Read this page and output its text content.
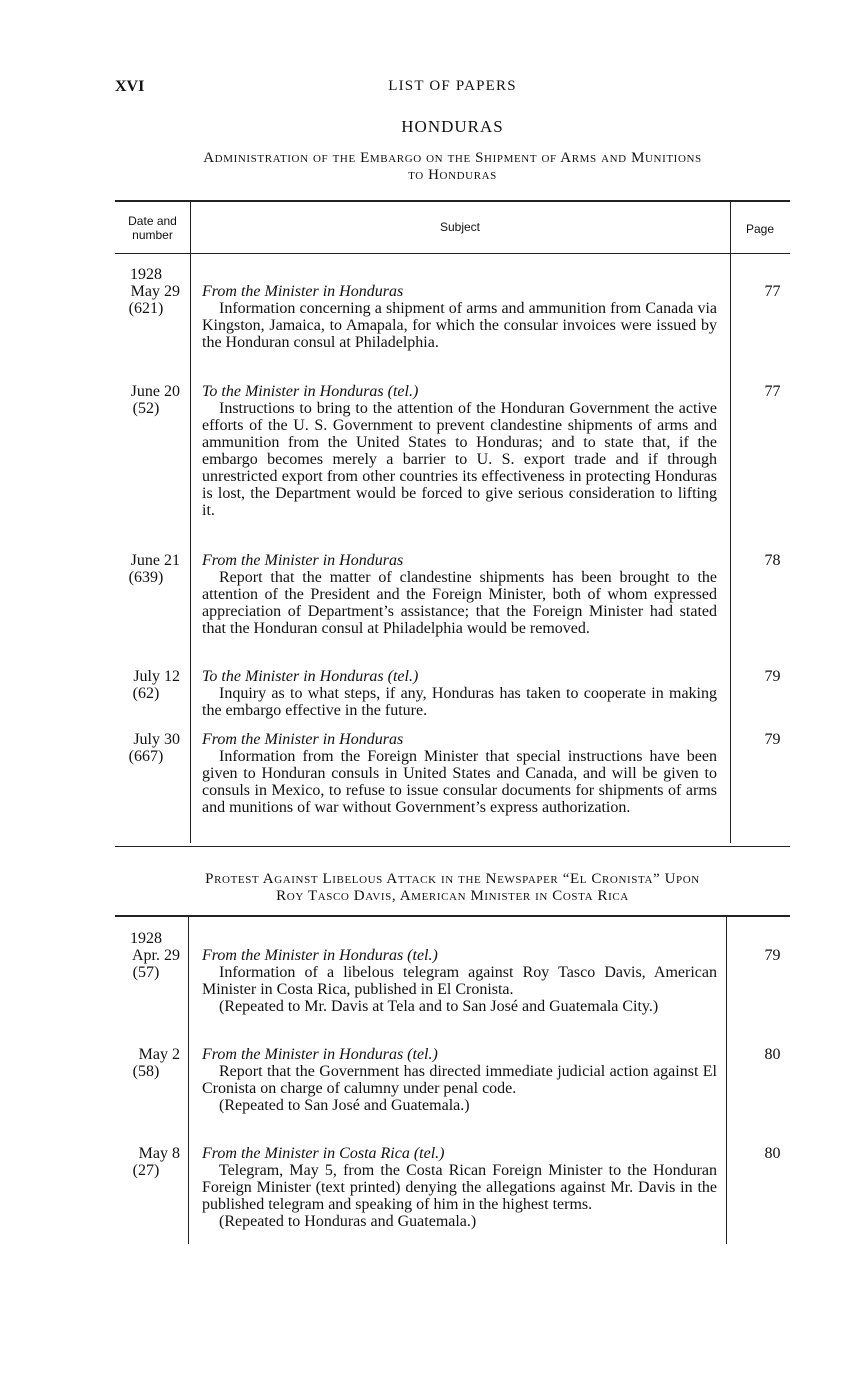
LIST OF PAPERS
XVI
HONDURAS
Administration of the Embargo on the Shipment of Arms and Munitions
to Honduras
Date and number
Subject	Page
1928
May 29
(621)
From the Minister in Honduras

Information concerning a shipment of arms and ammunition from Canada via Kingston, Jamaica, to Amapala, for which the consular invoices were issued by the Honduran consul at Philadelphia.

77
June 20
(52)
To the Minister in Honduras (tel.)

Instructions to bring to the attention of the Honduran Government the active efforts of the U. S. Government to prevent clandestine shipments of arms and ammunition from the United States to Honduras; and to state that, if the embargo becomes merely a barrier to U. S. export trade and if through unrestricted export from other countries its effectiveness in protecting Honduras is lost, the Department would be forced to give serious consideration to lifting it.

77
June 21
(639)
From the Minister in Honduras

Report that the matter of clandestine shipments has been brought to the attention of the President and the Foreign Minister, both of whom expressed appreciation of Department’s assistance; that the Foreign Minister had stated that the Honduran consul at Philadelphia would be removed.

78
July 12
(62)
To the Minister in Honduras (tel.)

Inquiry as to what steps, if any, Honduras has taken to cooperate in making the embargo effective in the future.

79
July 30
(667)
From the Minister in Honduras

Information from the Foreign Minister that special instructions have been given to Honduran consuls in United States and Canada, and will be given to consuls in Mexico, to refuse to issue consular documents for shipments of arms and munitions of war without Government’s express authorization.

79
Protest Against Libelous Attack in the Newspaper “El Cronista” Upon
Roy Tasco Davis, American Minister in Costa Rica
1928
Apr. 29
(57)
From the Minister in Honduras (tel.)

Information of a libelous telegram against Roy Tasco Davis, American Minister in Costa Rica, published in El Cronista.

(Repeated to Mr. Davis at Tela and to San José and Guatemala City.)

79
May 2
(58)
From the Minister in Honduras (tel.)

Report that the Government has directed immediate judicial action against El Cronista on charge of calumny under penal code.

(Repeated to San José and Guatemala.)

80
May 8
(27)
From the Minister in Costa Rica (tel.)

Telegram, May 5, from the Costa Rican Foreign Minister to the Honduran Foreign Minister (text printed) denying the allegations against Mr. Davis in the published telegram and speaking of him in the highest terms.

(Repeated to Honduras and Guatemala.)

80
